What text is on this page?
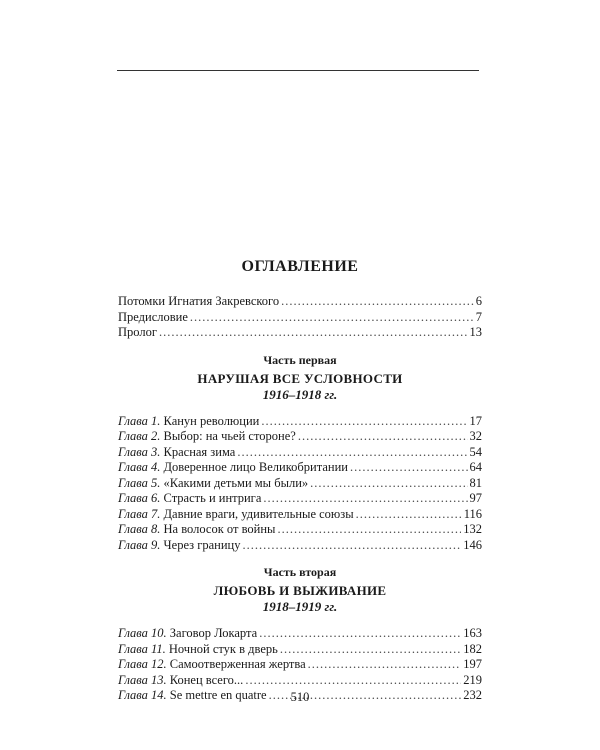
ОГЛАВЛЕНИЕ
Потомки Игнатия Закревского .....	6
Предисловие .....	7
Пролог .....	13
Часть первая
НАРУШАЯ ВСЕ УСЛОВНОСТИ
1916–1918 гг.
Глава 1. Канун революции .....	17
Глава 2. Выбор: на чьей стороне? .....	32
Глава 3. Красная зима .....	54
Глава 4. Доверенное лицо Великобритании .....	64
Глава 5. «Какими детьми мы были» .....	81
Глава 6. Страсть и интрига .....	97
Глава 7. Давние враги, удивительные союзы .....	116
Глава 8. На волосок от войны .....	132
Глава 9. Через границу .....	146
Часть вторая
ЛЮБОВЬ И ВЫЖИВАНИЕ
1918–1919 гг.
Глава 10. Заговор Локарта .....	163
Глава 11. Ночной стук в дверь .....	182
Глава 12. Самоотверженная жертва .....	197
Глава 13. Конец всего... .....	219
Глава 14. Se mettre en quatre .....	232
510
